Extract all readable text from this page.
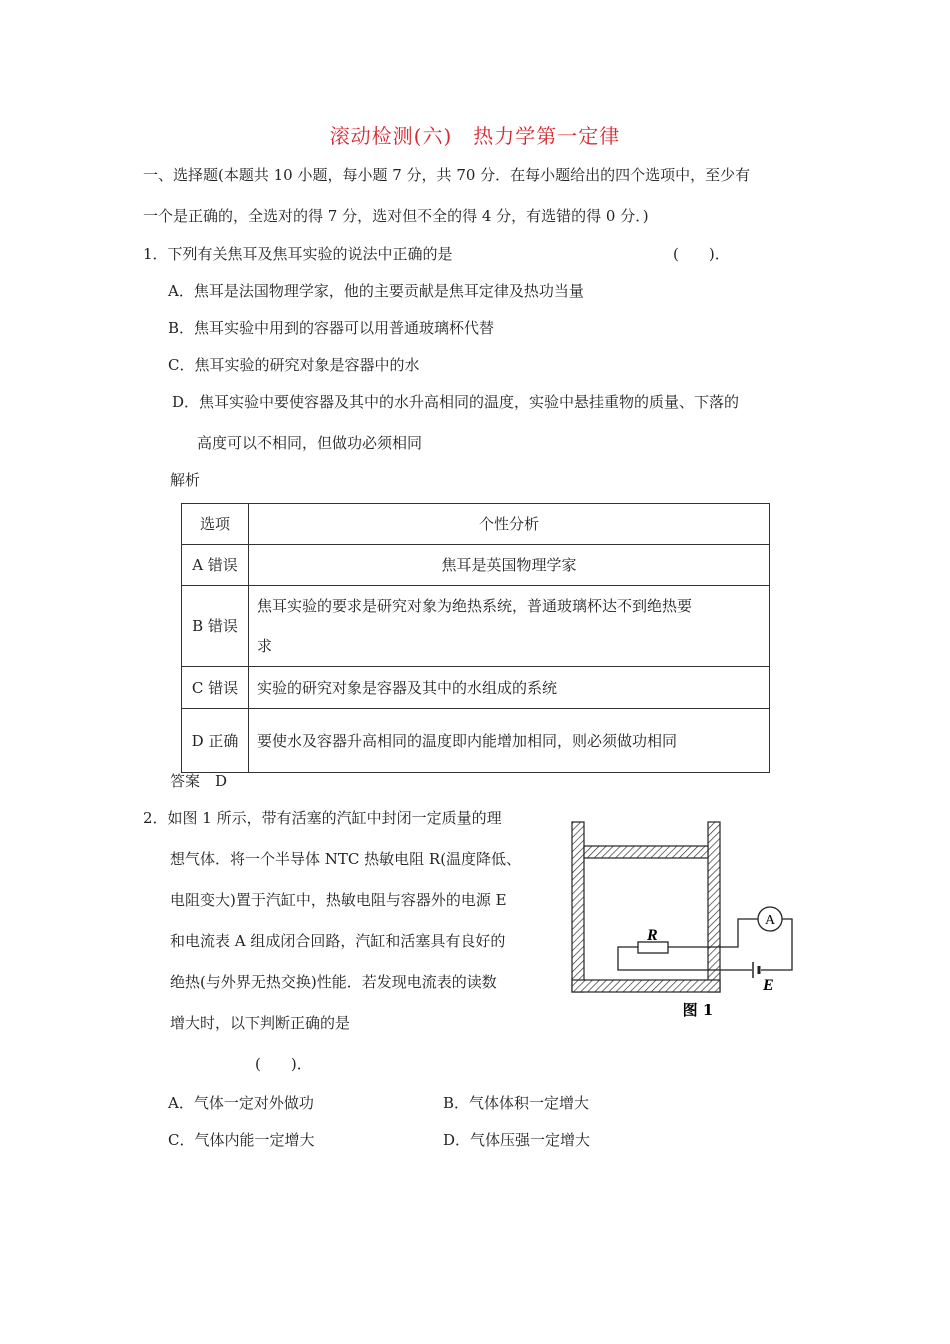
滚动检测(六)　热力学第一定律
一、选择题(本题共 10 小题，每小题 7 分，共 70 分．在每小题给出的四个选项中，至少有
一个是正确的，全选对的得 7 分，选对但不全的得 4 分，有选错的得 0 分．)
1．下列有关焦耳及焦耳实验的说法中正确的是	(　　)．
A．焦耳是法国物理学家，他的主要贡献是焦耳定律及热功当量
B．焦耳实验中用到的容器可以用普通玻璃杯代替
C．焦耳实验的研究对象是容器中的水
D．焦耳实验中要使容器及其中的水升高相同的温度，实验中悬挂重物的质量、下落的
高度可以不相同，但做功必须相同
解析
选项	个性分析
A 错误	焦耳是英国物理学家
B 错误	焦耳实验的要求是研究对象为绝热系统，普通玻璃杯达不到绝热要
求

C 错误	实验的研究对象是容器及其中的水组成的系统
D 正确	要使水及容器升高相同的温度即内能增加相同，则必须做功相同
答案　D
2．如图 1 所示，带有活塞的汽缸中封闭一定质量的理
想气体．将一个半导体 NTC 热敏电阻 R(温度降低、
电阻变大)置于汽缸中，热敏电阻与容器外的电源 E
和电流表 A 组成闭合回路，汽缸和活塞具有良好的
绝热(与外界无热交换)性能．若发现电流表的读数
增大时，以下判断正确的是
(　　)．
A．气体一定对外做功	B．气体体积一定增大
C．气体内能一定增大	D．气体压强一定增大
A
R
E
图 1
